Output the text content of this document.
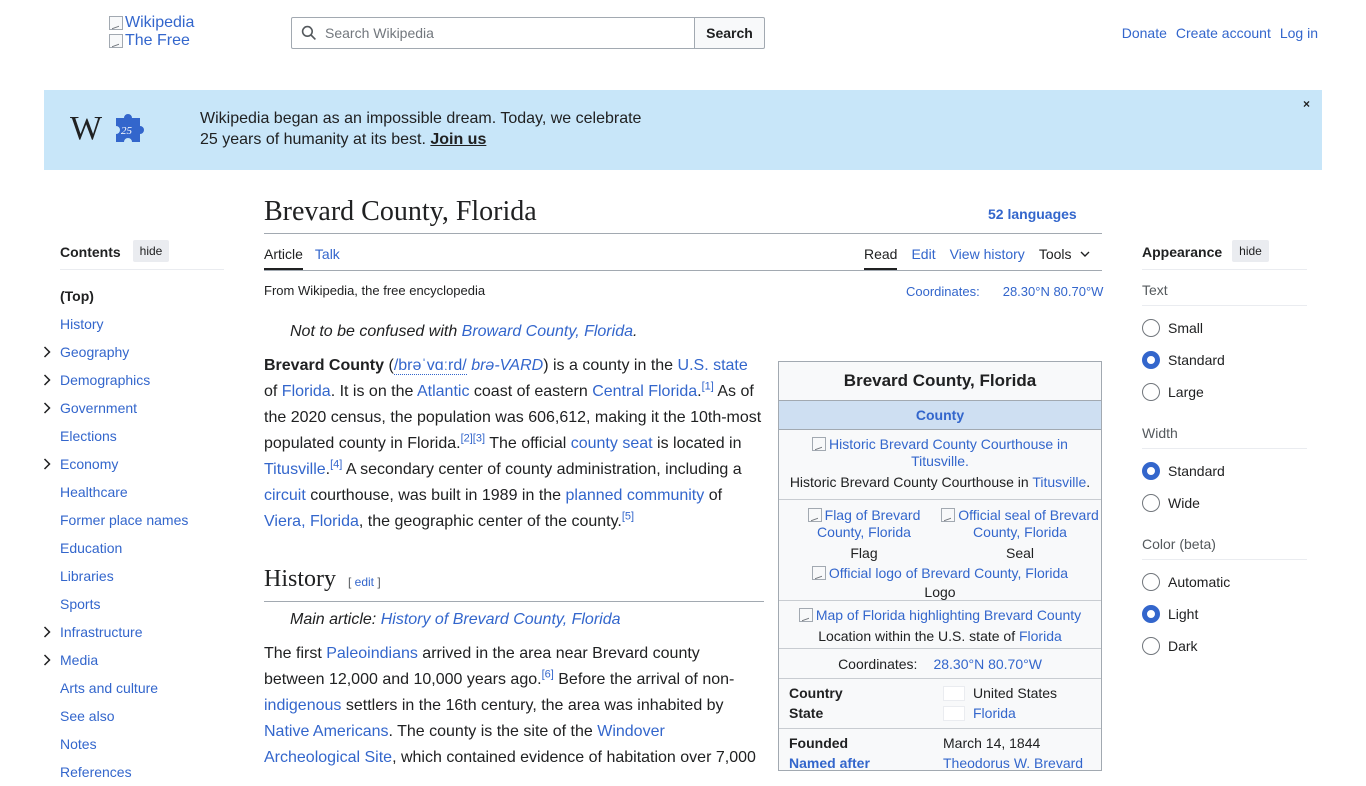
Wikipedia
The Free
Search Wikipedia	Search	Donate Create account Log in
W 25
Wikipedia began as an impossible dream. Today, we celebrate
25 years of humanity at its best. Join us
×
Contents	hide
(Top)
History
Geography
Demographics
Government
Elections
Economy
Healthcare
Former place names
Education
Libraries
Sports
Infrastructure
Media
Arts and culture
See also
Notes
References
Brevard County, Florida	52 languages
Article Talk	Read Edit View history Tools
From Wikipedia, the free encyclopedia	Coordinates: 28.30°N 80.70°W
Not to be confused with Broward County, Florida.
Brevard County (/brəˈvɑːrd/ brə-VARD) is a county in the U.S. state of Florida. It is on the Atlantic coast of eastern Central Florida.[1] As of the 2020 census, the population was 606,612, making it the 10th-most populated county in Florida.[2][3] The official county seat is located in Titusville.[4] A secondary center of county administration, including a circuit courthouse, was built in 1989 in the planned community of Viera, Florida, the geographic center of the county.[5]
History [ edit ]
Main article: History of Brevard County, Florida
The first Paleoindians arrived in the area near Brevard county between 12,000 and 10,000 years ago.[6] Before the arrival of non-indigenous settlers in the 16th century, the area was inhabited by Native Americans. The county is the site of the Windover Archeological Site, which contained evidence of habitation over 7,000
Brevard County, Florida
County
Historic Brevard County Courthouse in Titusville.
Historic Brevard County Courthouse in Titusville.
Flag of Brevard County, Florida
Flag
Official seal of Brevard County, Florida
Seal
Official logo of Brevard County, Florida
Logo
Map of Florida highlighting Brevard County
Location within the U.S. state of Florida
Coordinates: 28.30°N 80.70°W
Country	United States
State	Florida
Founded	March 14, 1844
Named after	Theodorus W. Brevard
Appearance	hide
Text
Small
Standard
Large
Width
Standard
Wide
Color (beta)
Automatic
Light
Dark
